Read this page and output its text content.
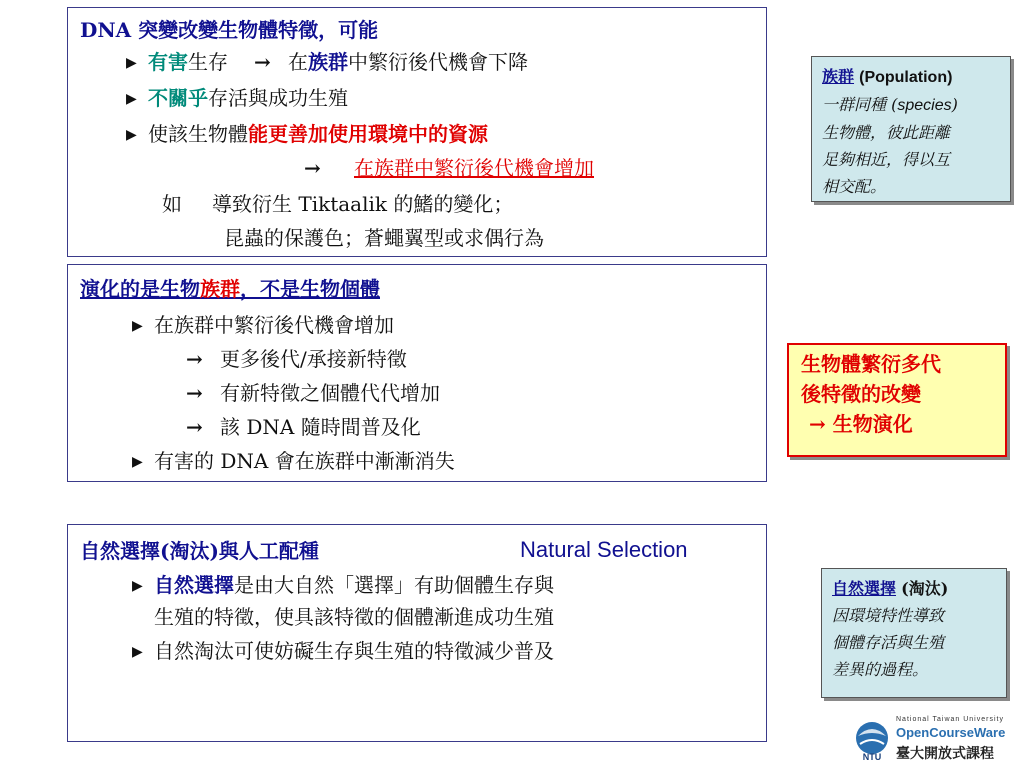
DNA 突變改變生物體特徵，可能
▶ 有害生存 → 在族群中繁衍後代機會下降
▶ 不關乎存活與成功生殖
▶ 使該生物體能更善加使用環境中的資源
→ 在族群中繁衍後代機會增加
如 導致衍生 Tiktaalik 的鰭的變化；
昆蟲的保護色；蒼蠅翼型或求偶行為
演化的是生物族群，不是生物個體
▶ 在族群中繁衍後代機會增加
→ 更多後代/承接新特徵
→ 有新特徵之個體代代增加
→ 該 DNA 隨時間普及化
▶ 有害的 DNA 會在族群中漸漸消失
自然選擇(淘汰)與人工配種	Natural Selection
▶ 自然選擇是由大自然「選擇」有助個體生存與
生殖的特徵，使具該特徵的個體漸進成功生殖
▶ 自然淘汰可使妨礙生存與生殖的特徵減少普及
族群 (Population)
一群同種 (species)
生物體，彼此距離
足夠相近，得以互
相交配。
生物體繁衍多代
後特徵的改變
→ 生物演化
自然選擇 (淘汰)
因環境特性導致
個體存活與生殖
差異的過程。
NTU
National Taiwan University
OpenCourseWare
臺大開放式課程
